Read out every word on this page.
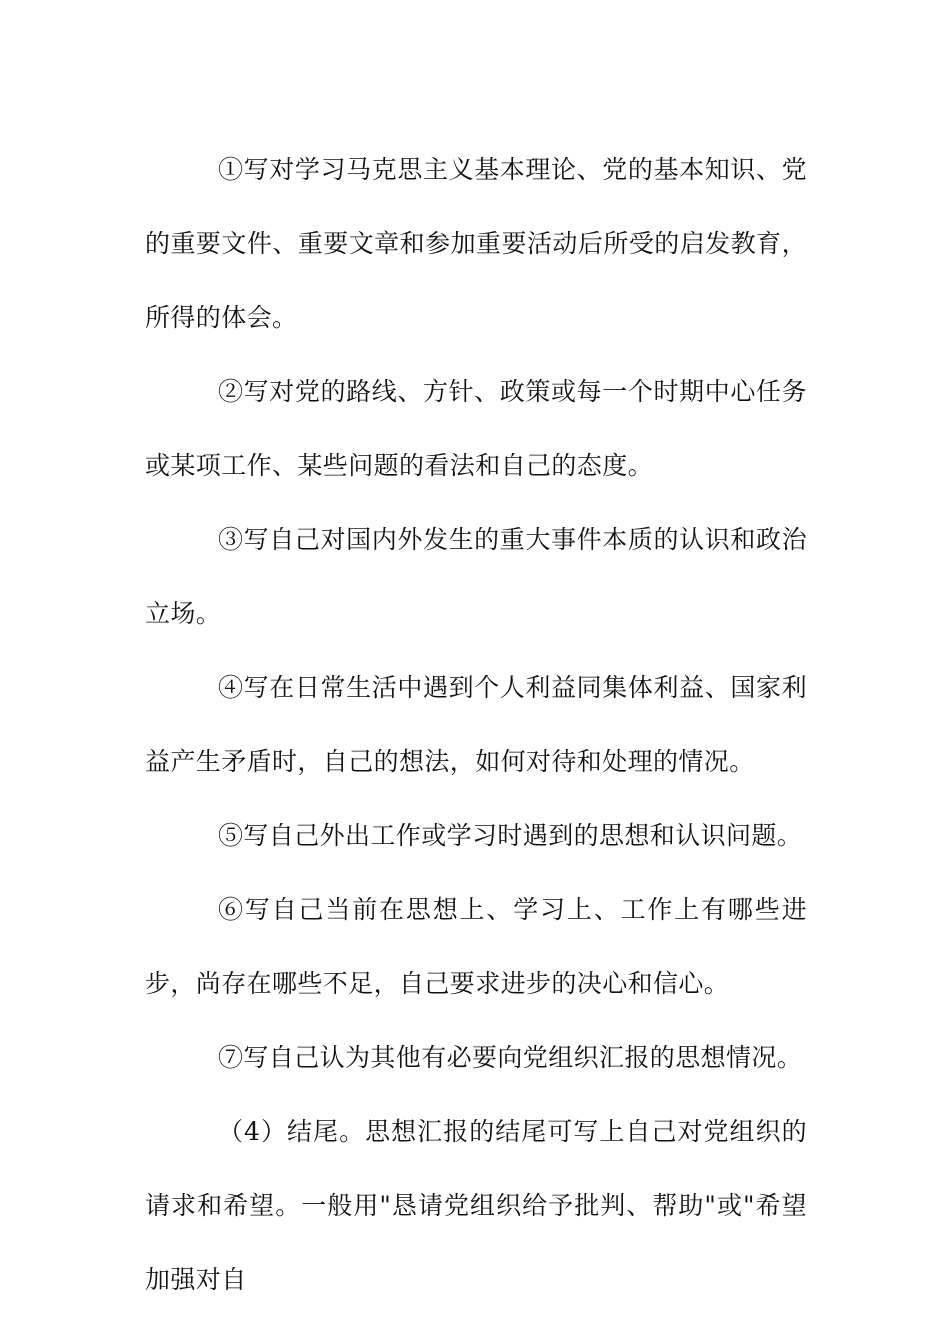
①写对学习马克思主义基本理论、党的基本知识、党的重要文件、重要文章和参加重要活动后所受的启发教育，所得的体会。

②写对党的路线、方针、政策或每一个时期中心任务或某项工作、某些问题的看法和自己的态度。

③写自己对国内外发生的重大事件本质的认识和政治立场。

④写在日常生活中遇到个人利益同集体利益、国家利益产生矛盾时，自己的想法，如何对待和处理的情况。

⑤写自己外出工作或学习时遇到的思想和认识问题。

⑥写自己当前在思想上、学习上、工作上有哪些进步，尚存在哪些不足，自己要求进步的决心和信心。

⑦写自己认为其他有必要向党组织汇报的思想情况。

（4）结尾。思想汇报的结尾可写上自己对党组织的请求和希望。一般用"恳请党组织给予批判、帮助"或"希望加强对自
